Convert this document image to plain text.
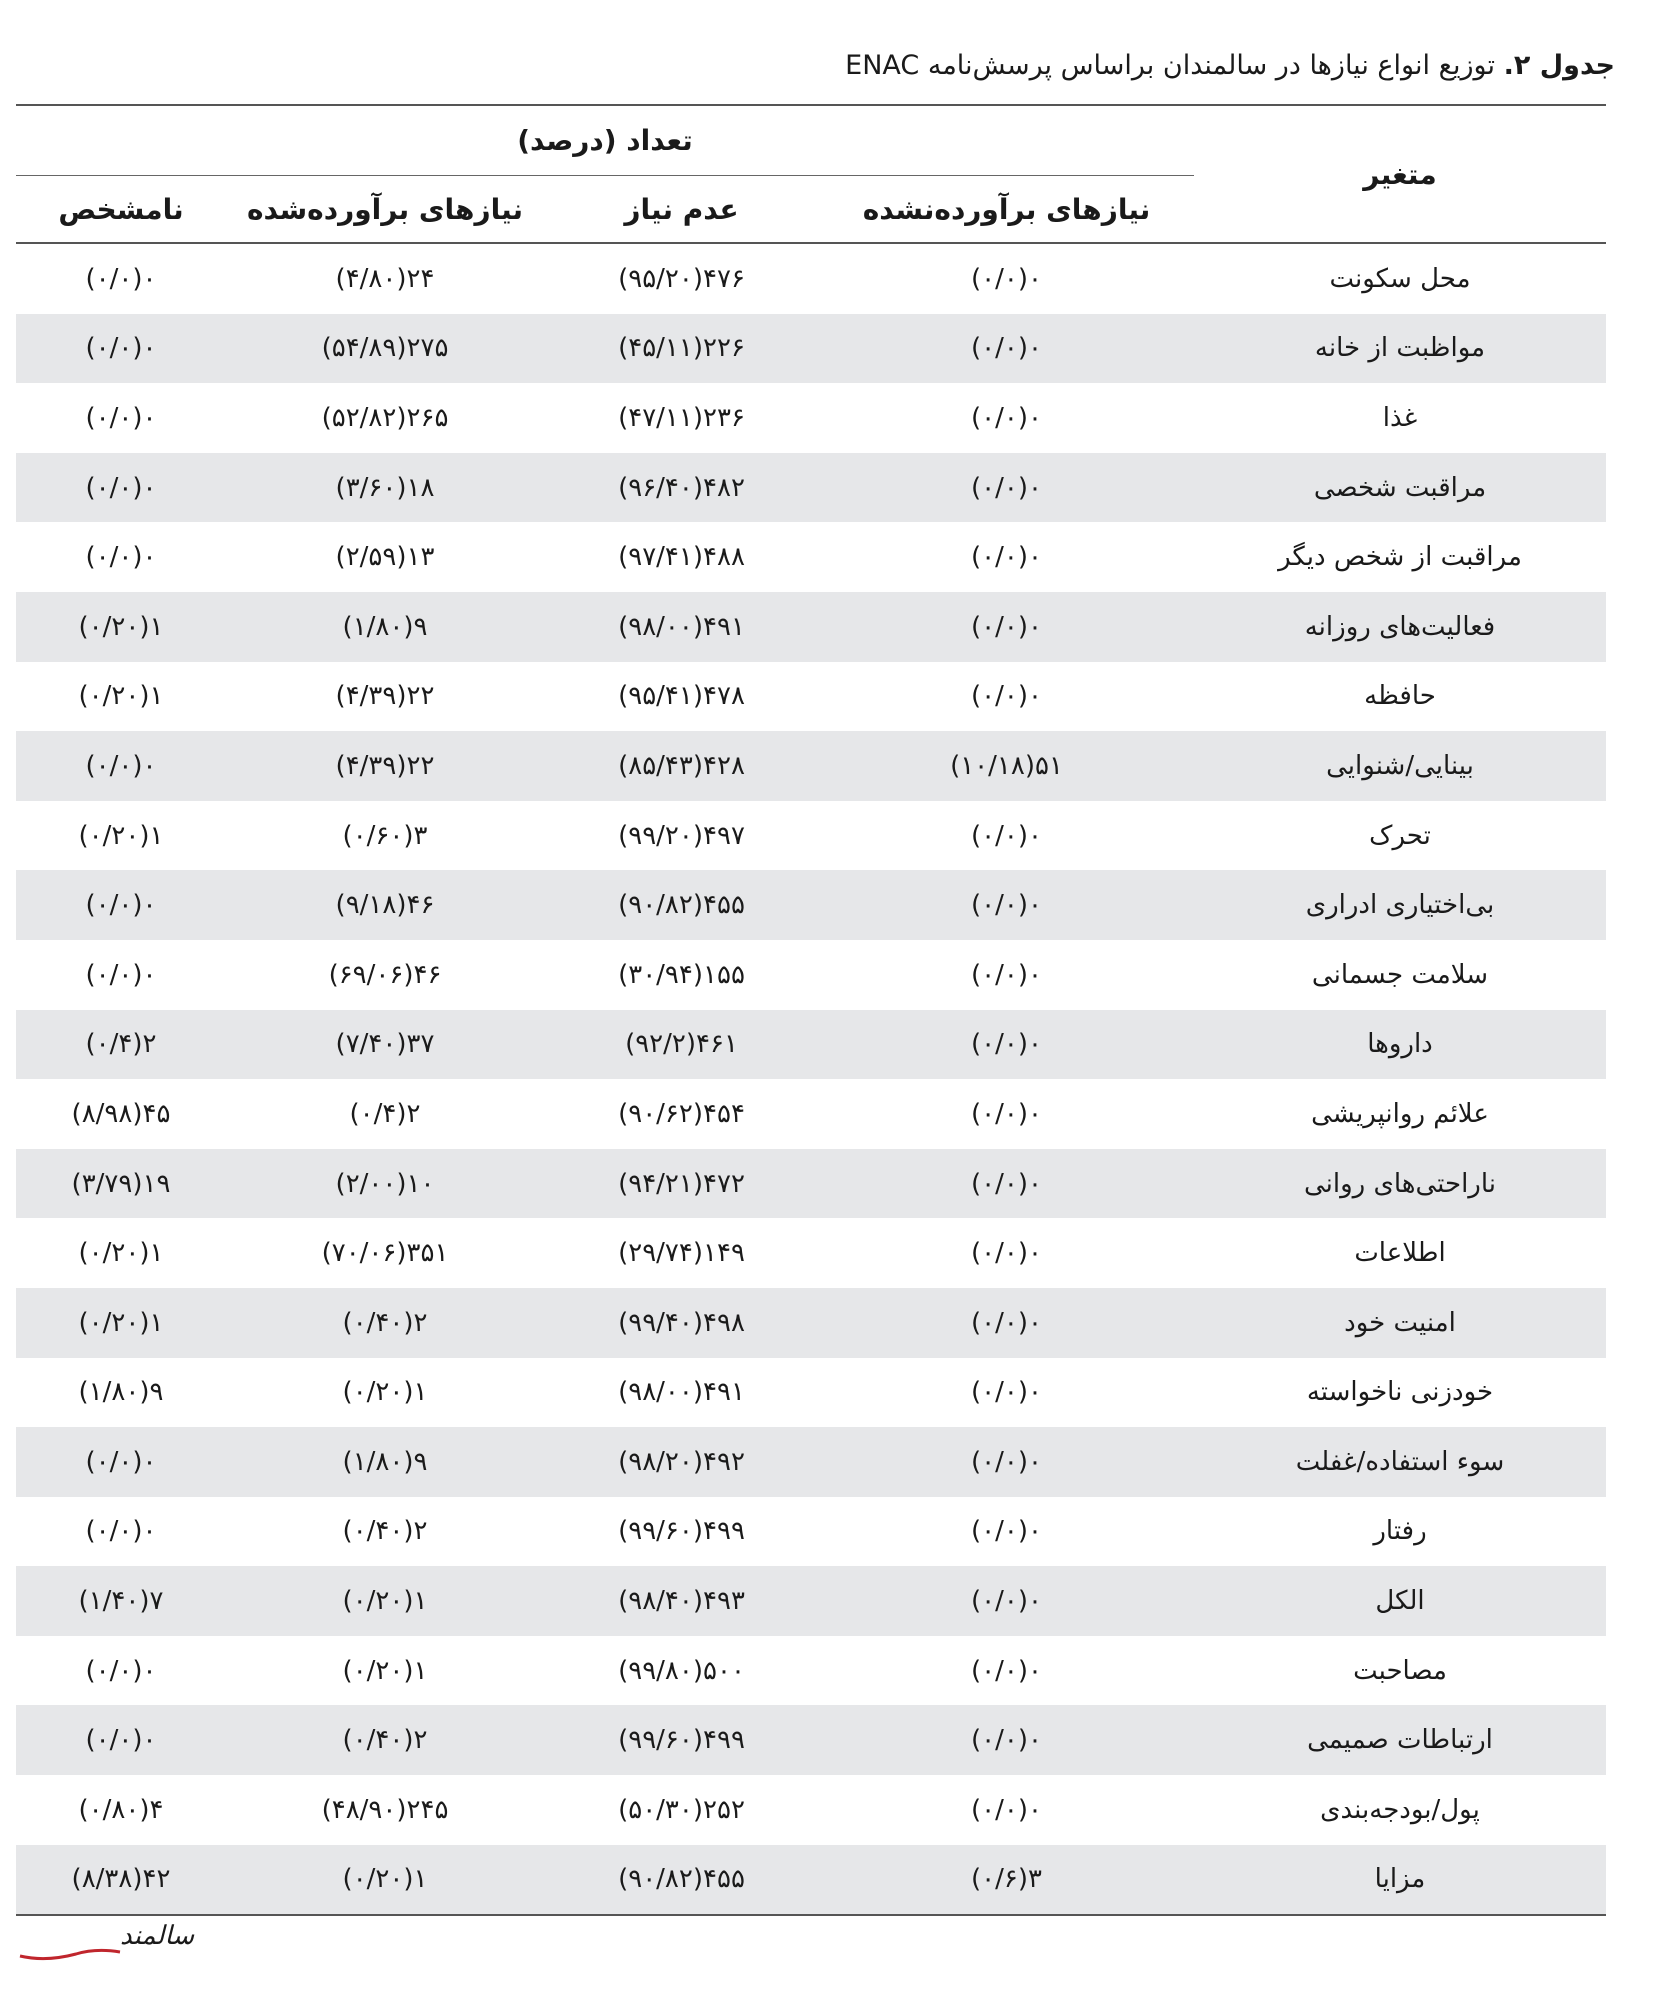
جدول ۲. توزیع انواع نیازها در سالمندان براساس پرسش‌نامه ENAC
متغیر	تعداد (درصد)			
	نیازهای برآورده‌نشده	عدم نیاز	نیازهای برآورده‌شده	نامشخص
محل سکونت	۰(۰/۰)	۴۷۶(۹۵/۲۰)	۲۴(۴/۸۰)	۰(۰/۰)
مواظبت از خانه	۰(۰/۰)	۲۲۶(۴۵/۱۱)	۲۷۵(۵۴/۸۹)	۰(۰/۰)
غذا	۰(۰/۰)	۲۳۶(۴۷/۱۱)	۲۶۵(۵۲/۸۲)	۰(۰/۰)
مراقبت شخصی	۰(۰/۰)	۴۸۲(۹۶/۴۰)	۱۸(۳/۶۰)	۰(۰/۰)
مراقبت از شخص دیگر	۰(۰/۰)	۴۸۸(۹۷/۴۱)	۱۳(۲/۵۹)	۰(۰/۰)
فعالیت‌های روزانه	۰(۰/۰)	۴۹۱(۹۸/۰۰)	۹(۱/۸۰)	۱(۰/۲۰)
حافظه	۰(۰/۰)	۴۷۸(۹۵/۴۱)	۲۲(۴/۳۹)	۱(۰/۲۰)
بینایی/شنوایی	۵۱(۱۰/۱۸)	۴۲۸(۸۵/۴۳)	۲۲(۴/۳۹)	۰(۰/۰)
تحرک	۰(۰/۰)	۴۹۷(۹۹/۲۰)	۳(۰/۶۰)	۱(۰/۲۰)
بی‌اختیاری ادراری	۰(۰/۰)	۴۵۵(۹۰/۸۲)	۴۶(۹/۱۸)	۰(۰/۰)
سلامت جسمانی	۰(۰/۰)	۱۵۵(۳۰/۹۴)	۴۶(۶۹/۰۶)	۰(۰/۰)
داروها	۰(۰/۰)	۴۶۱(۹۲/۲)	۳۷(۷/۴۰)	۲(۰/۴)
علائم روانپریشی	۰(۰/۰)	۴۵۴(۹۰/۶۲)	۲(۰/۴)	۴۵(۸/۹۸)
ناراحتی‌های روانی	۰(۰/۰)	۴۷۲(۹۴/۲۱)	۱۰(۲/۰۰)	۱۹(۳/۷۹)
اطلاعات	۰(۰/۰)	۱۴۹(۲۹/۷۴)	۳۵۱(۷۰/۰۶)	۱(۰/۲۰)
امنیت خود	۰(۰/۰)	۴۹۸(۹۹/۴۰)	۲(۰/۴۰)	۱(۰/۲۰)
خودزنی ناخواسته	۰(۰/۰)	۴۹۱(۹۸/۰۰)	۱(۰/۲۰)	۹(۱/۸۰)
سوء استفاده/غفلت	۰(۰/۰)	۴۹۲(۹۸/۲۰)	۹(۱/۸۰)	۰(۰/۰)
رفتار	۰(۰/۰)	۴۹۹(۹۹/۶۰)	۲(۰/۴۰)	۰(۰/۰)
الکل	۰(۰/۰)	۴۹۳(۹۸/۴۰)	۱(۰/۲۰)	۷(۱/۴۰)
مصاحبت	۰(۰/۰)	۵۰۰(۹۹/۸۰)	۱(۰/۲۰)	۰(۰/۰)
ارتباطات صمیمی	۰(۰/۰)	۴۹۹(۹۹/۶۰)	۲(۰/۴۰)	۰(۰/۰)
پول/بودجه‌بندی	۰(۰/۰)	۲۵۲(۵۰/۳۰)	۲۴۵(۴۸/۹۰)	۴(۰/۸۰)
مزایا	۳(۰/۶)	۴۵۵(۹۰/۸۲)	۱(۰/۲۰)	۴۲(۸/۳۸)
سالمند
